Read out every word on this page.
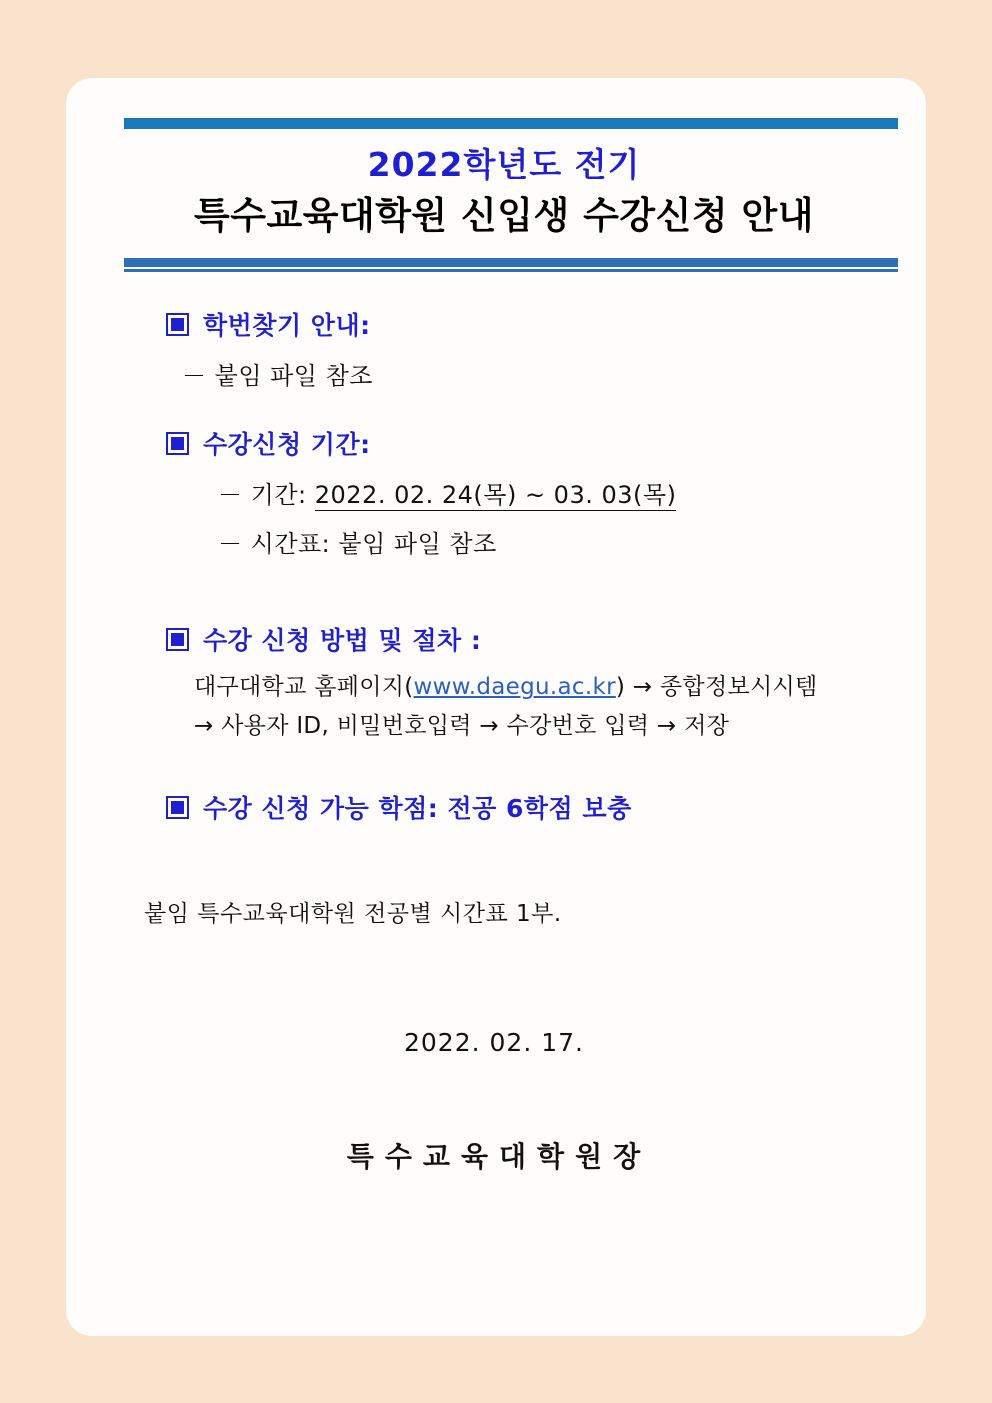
2022학년도 전기
특수교육대학원 신입생 수강신청 안내
학번찾기 안내:
－ 붙임 파일 참조
수강신청 기간:
－ 기간: 2022. 02. 24(목) ~ 03. 03(목)
－ 시간표: 붙임 파일 참조
수강 신청 방법 및 절차 :
대구대학교 홈페이지(www.daegu.ac.kr) → 종합정보시시템
→ 사용자 ID, 비밀번호입력 → 수강번호 입력 → 저장
수강 신청 가능 학점: 전공 6학점 보충
붙임 특수교육대학원 전공별 시간표 1부.
2022. 02. 17.
특수교육대학원장
